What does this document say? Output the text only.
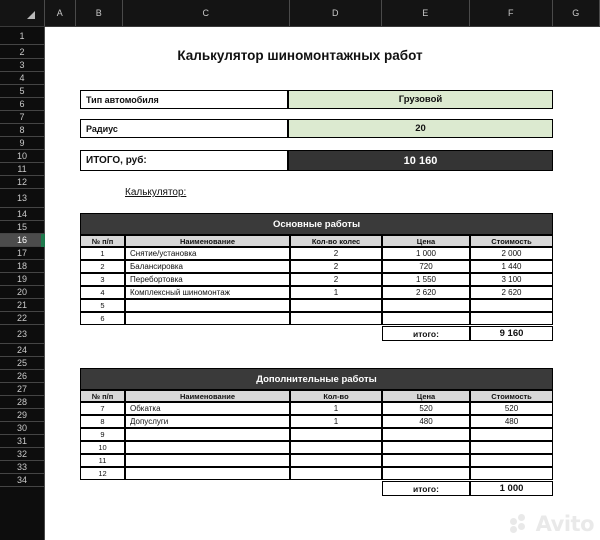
A	B	C	D	E	F	G
1
2
3
4
5
6
7
8
9
10
11
12
13
14
15
16
17
18
19
20
21
22
23
24
25
26
27
28
29
30
31
32
33
34
Калькулятор шиномонтажных работ
Тип автомобиля	Грузовой
Радиус	20
ИТОГО, руб:	10 160
Калькулятор:
Основные работы
№ п/п	Наименование	Кол-во колес	Цена	Стоимость
1	Снятие/установка	2	1 000	2 000
2	Балансировка	2	720	1 440
3	Перебортовка	2	1 550	3 100
4	Комплексный шиномонтаж	1	2 620	2 620
5
6
итого:	9 160
Дополнительные работы
№ п/п	Наименование	Кол-во	Цена	Стоимость
7	Обкатка	1	520	520
8	Допуслуги	1	480	480
9
10
11
12
итого:	1 000
